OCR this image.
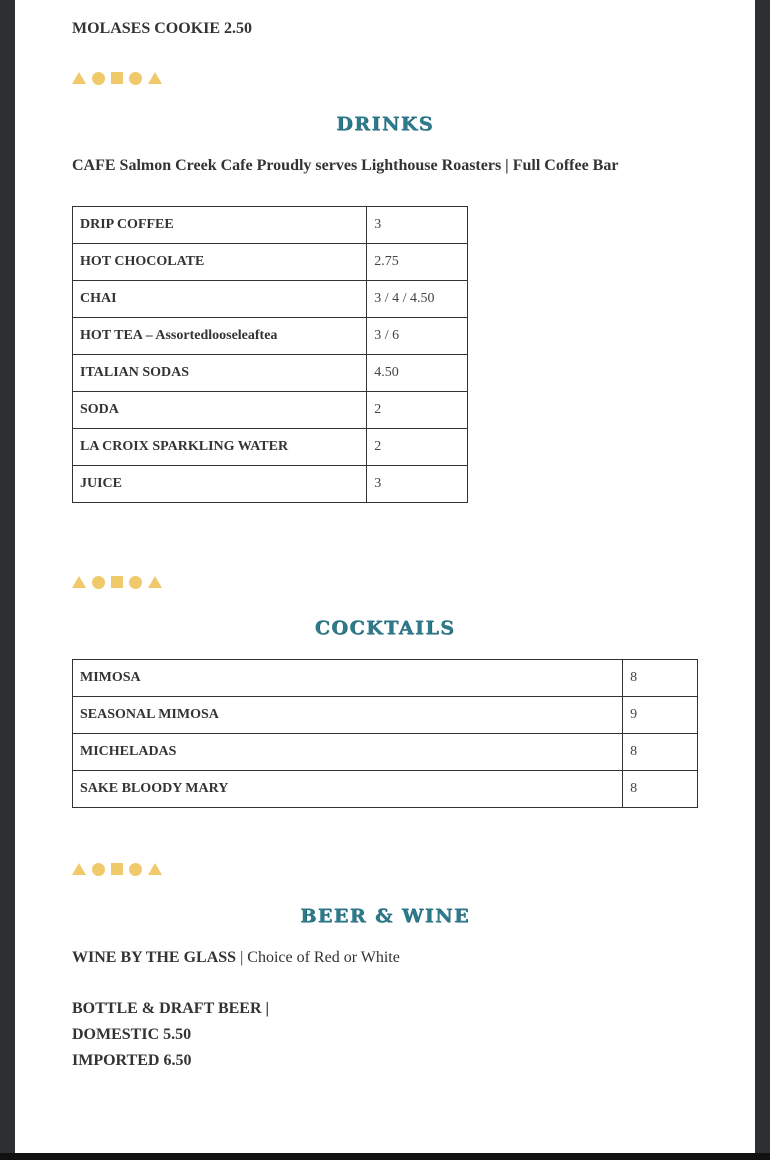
MOLASES COOKIE 2.50
DRINKS
CAFE Salmon Creek Cafe Proudly serves Lighthouse Roasters | Full Coffee Bar
DRIP COFFEE	3
HOT CHOCOLATE	2.75
CHAI	3 / 4 / 4.50
HOT TEA – Assortedlooseleaftea	3 / 6
ITALIAN SODAS	4.50
SODA	2
LA CROIX SPARKLING WATER	2
JUICE	3
COCKTAILS
MIMOSA	8
SEASONAL MIMOSA	9
MICHELADAS	8
SAKE BLOODY MARY	8
BEER & WINE
WINE BY THE GLASS | Choice of Red or White
BOTTLE & DRAFT BEER |
DOMESTIC 5.50
IMPORTED 6.50
